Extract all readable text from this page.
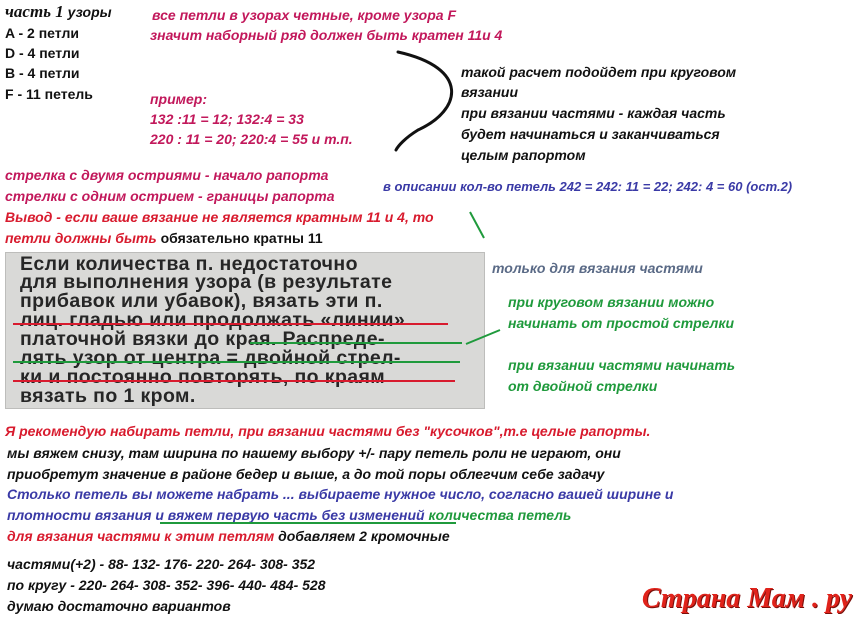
часть 1 узоры
A - 2 петли
D - 4 петли
B - 4 петли
F - 11 петель
все петли в узорах четные, кроме узора F
значит наборный ряд должен быть кратен 11и 4
пример:
132 :11 = 12; 132:4 = 33
220 : 11 = 20; 220:4 = 55 и т.п.
такой расчет подойдет при круговом
вязании
при вязании частями - каждая часть
будет начинаться и заканчиваться
целым рапортом
стрелка с двумя остриями - начало рапорта
стрелки с одним острием - границы рапорта
в описании кол-во петель 242 = 242: 11 = 22; 242: 4 = 60 (ост.2)
Вывод - если ваше вязание не является кратным 11 и 4, то
петли должны быть обязательно кратны 11
Если количества п. недостаточно
для выполнения узора (в результате
прибавок или убавок), вязать эти п.
лиц. гладью или продолжать «линии»
платочной вязки до края. Распреде-
лять узор от центра = двойной стрел-
ки и постоянно повторять, по краям
вязать по 1 кром.
только для вязания частями
при круговом вязании можно
начинать от простой стрелки
при вязании частями начинать
от двойной стрелки
Я рекомендую набирать петли, при вязании частями без "кусочков",т.е целые рапорты.
мы вяжем снизу, там ширина по нашему выбору +/- пару петель роли не играют, они
приобретут значение в районе бедер и выше, а до той поры облегчим себе задачу
Столько петель вы можете набрать ... выбираете нужное число, согласно вашей ширине и
плотности вязания и вяжем первую часть без изменений количества петель
для вязания частями к этим петлям добавляем 2 кромочные
частями(+2) - 88- 132- 176- 220- 264- 308- 352
по кругу - 220- 264- 308- 352- 396- 440- 484- 528
думаю достаточно вариантов	Страна Мам . ру
